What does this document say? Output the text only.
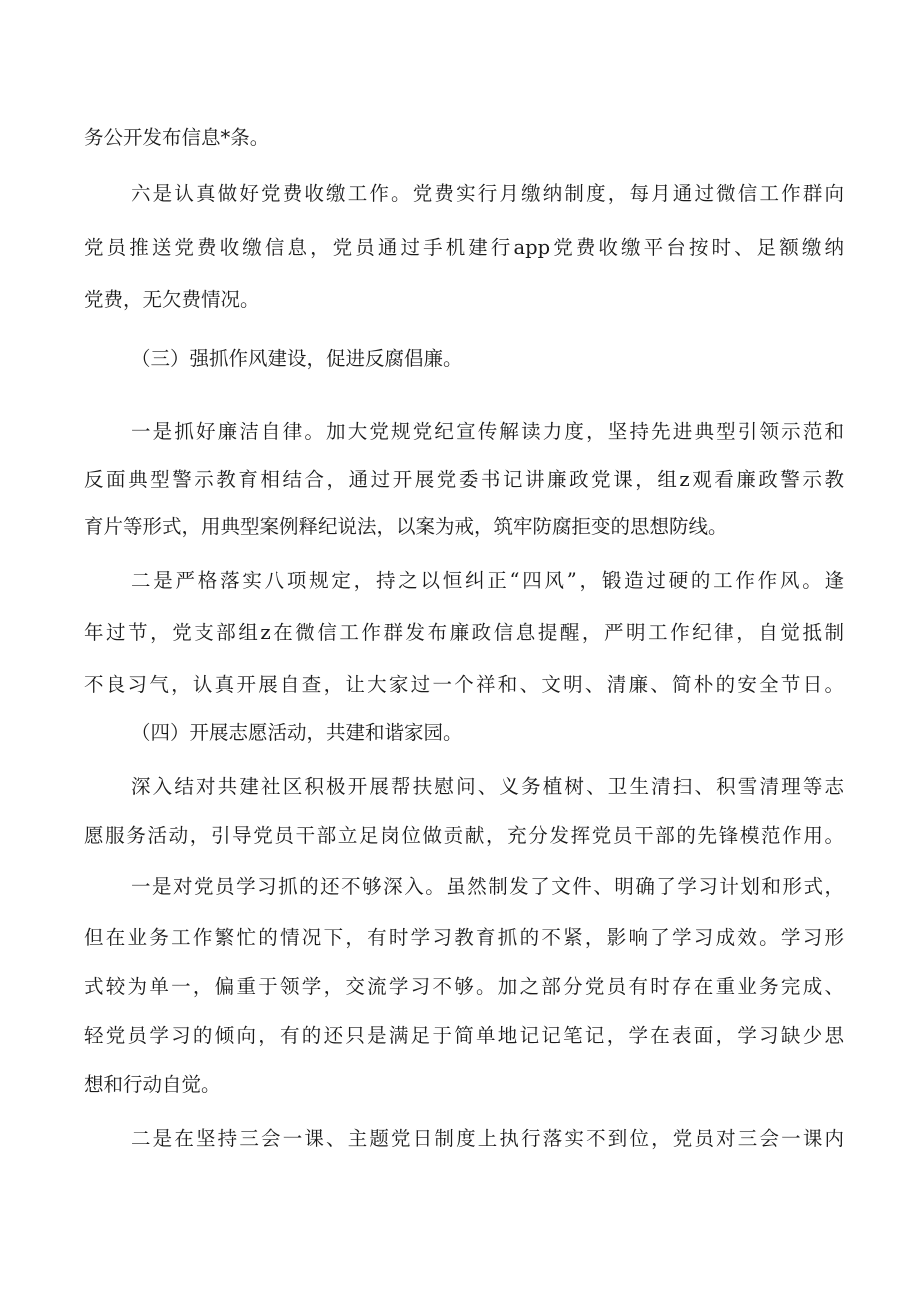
务公开发布信息*条。
六是认真做好党费收缴工作。党费实行月缴纳制度，每月通过微信工作群向
党员推送党费收缴信息，党员通过手机建行app党费收缴平台按时、足额缴纳
党费，无欠费情况。
（三）强抓作风建设，促进反腐倡廉。
一是抓好廉洁自律。加大党规党纪宣传解读力度，坚持先进典型引领示范和
反面典型警示教育相结合，通过开展党委书记讲廉政党课，组z观看廉政警示教
育片等形式，用典型案例释纪说法，以案为戒，筑牢防腐拒变的思想防线。
二是严格落实八项规定，持之以恒纠正“四风”，锻造过硬的工作作风。逢
年过节，党支部组z在微信工作群发布廉政信息提醒，严明工作纪律，自觉抵制
不良习气，认真开展自查，让大家过一个祥和、文明、清廉、简朴的安全节日。
（四）开展志愿活动，共建和谐家园。
深入结对共建社区积极开展帮扶慰问、义务植树、卫生清扫、积雪清理等志
愿服务活动，引导党员干部立足岗位做贡献，充分发挥党员干部的先锋模范作用。
一是对党员学习抓的还不够深入。虽然制发了文件、明确了学习计划和形式，
但在业务工作繁忙的情况下，有时学习教育抓的不紧，影响了学习成效。学习形
式较为单一，偏重于领学，交流学习不够。加之部分党员有时存在重业务完成、
轻党员学习的倾向，有的还只是满足于简单地记记笔记，学在表面，学习缺少思
想和行动自觉。
二是在坚持三会一课、主题党日制度上执行落实不到位，党员对三会一课内
